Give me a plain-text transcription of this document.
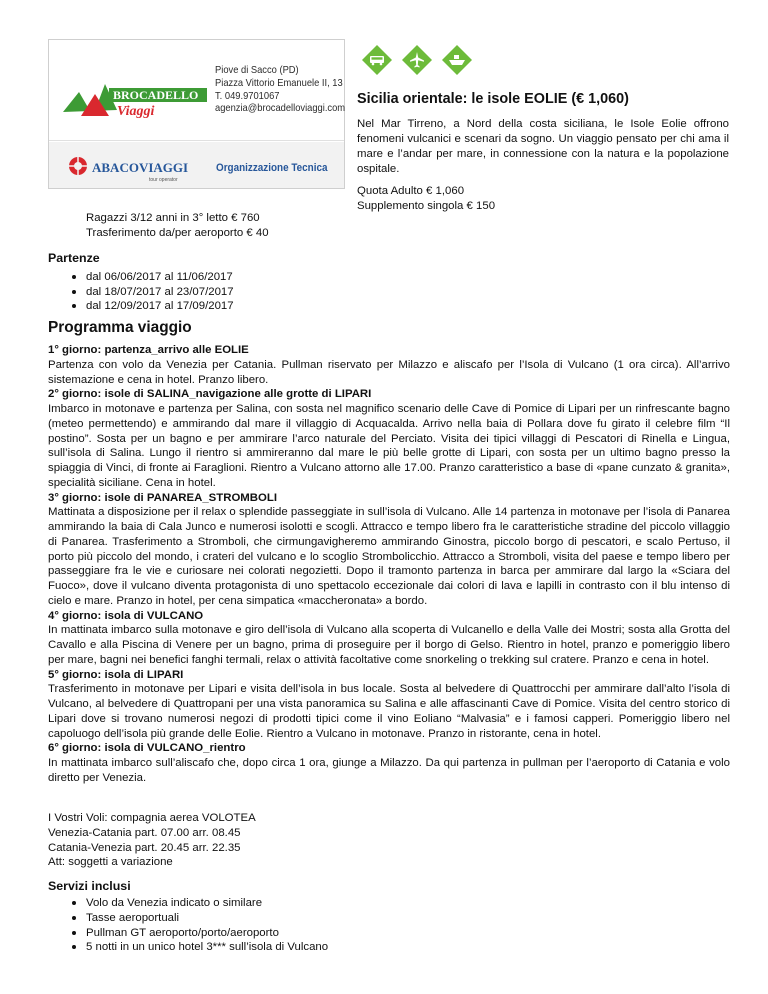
BROCADELLO
Viaggi
Piove di Sacco (PD)
Piazza Vittorio Emanuele II, 13
T. 049.9701067
agenzia@brocadelloviaggi.com
ABACOVIAGGI
tour operator
Organizzazione Tecnica
Sicilia orientale: le isole EOLIE (€ 1,060)

Nel Mar Tirreno, a Nord della costa siciliana, le Isole Eolie offrono fenomeni vulcanici e scenari da sogno. Un viaggio pensato per chi ama il mare e l’andar per mare, in connessione con la natura e la popolazione ospitale.

Quota Adulto € 1,060
Supplemento singola € 150
Ragazzi 3/12 anni in 3° letto € 760
Trasferimento da/per aeroporto € 40
Partenze
dal 06/06/2017 al 11/06/2017
dal 18/07/2017 al 23/07/2017
dal 12/09/2017 al 17/09/2017
Programma viaggio
1° giorno: partenza_arrivo alle EOLIE
Partenza con volo da Venezia per Catania. Pullman riservato per Milazzo e aliscafo per l’Isola di Vulcano (1 ora circa). All’arrivo sistemazione e cena in hotel. Pranzo libero.
2° giorno: isole di SALINA_navigazione alle grotte di LIPARI
Imbarco in motonave e partenza per Salina, con sosta nel magnifico scenario delle Cave di Pomice di Lipari per un rinfrescante bagno (meteo permettendo) e ammirando dal mare il villaggio di Acquacalda. Arrivo nella baia di Pollara dove fu girato il celebre film “Il postino”. Sosta per un bagno e per ammirare l’arco naturale del Perciato. Visita dei tipici villaggi di Pescatori di Rinella e Lingua, sull’isola di Salina. Lungo il rientro si ammireranno dal mare le più belle grotte di Lipari, con sosta per un ultimo bagno presso la spiaggia di Vinci, di fronte ai Faraglioni. Rientro a Vulcano attorno alle 17.00. Pranzo caratteristico a base di «pane cunzato & granita», specialità siciliane. Cena in hotel.
3° giorno: isole di PANAREA_STROMBOLI
Mattinata a disposizione per il relax o splendide passeggiate in sull’isola di Vulcano. Alle 14 partenza in motonave per l’isola di Panarea ammirando la baia di Cala Junco e numerosi isolotti e scogli. Attracco e tempo libero fra le caratteristiche stradine del piccolo villaggio di Panarea. Trasferimento a Stromboli, che cirmungavigheremo ammirando Ginostra, piccolo borgo di pescatori, e scalo Pertuso, il porto più piccolo del mondo, i crateri del vulcano e lo scoglio Strombolicchio. Attracco a Stromboli, visita del paese e tempo libero per passeggiare fra le vie e curiosare nei colorati negozietti. Dopo il tramonto partenza in barca per ammirare dal largo la «Sciara del Fuoco», dove il vulcano diventa protagonista di uno spettacolo eccezionale dai colori di lava e lapilli in contrasto con il blu intenso di cielo e mare. Pranzo in hotel, per cena simpatica «maccheronata» a bordo.
4° giorno: isola di VULCANO
In mattinata imbarco sulla motonave e giro dell’isola di Vulcano alla scoperta di Vulcanello e della Valle dei Mostri; sosta alla Grotta del Cavallo e alla Piscina di Venere per un bagno, prima di proseguire per il borgo di Gelso. Rientro in hotel, pranzo e pomeriggio libero per mare, bagni nei benefici fanghi termali, relax o attività facoltative come snorkeling o trekking sul cratere. Pranzo e cena in hotel.
5° giorno: isola di LIPARI
Trasferimento in motonave per Lipari e visita dell’isola in bus locale. Sosta al belvedere di Quattrocchi per ammirare dall’alto l’isola di Vulcano, al belvedere di Quattropani per una vista panoramica su Salina e alle affascinanti Cave di Pomice. Visita del centro storico di Lipari dove si trovano numerosi negozi di prodotti tipici come il vino Eoliano “Malvasia” e i famosi capperi. Pomeriggio libero nel capoluogo dell’isola più grande delle Eolie. Rientro a Vulcano in motonave. Pranzo in ristorante, cena in hotel.
6° giorno: isola di VULCANO_rientro
In mattinata imbarco sull’aliscafo che, dopo circa 1 ora, giunge a Milazzo. Da qui partenza in pullman per l’aeroporto di Catania e volo diretto per Venezia.
I Vostri Voli: compagnia aerea VOLOTEA
Venezia-Catania part. 07.00 arr. 08.45
Catania-Venezia part. 20.45 arr. 22.35
Att: soggetti a variazione
Servizi inclusi
Volo da Venezia indicato o similare
Tasse aeroportuali
Pullman GT aeroporto/porto/aeroporto
5 notti in un unico hotel 3*** sull’isola di Vulcano
